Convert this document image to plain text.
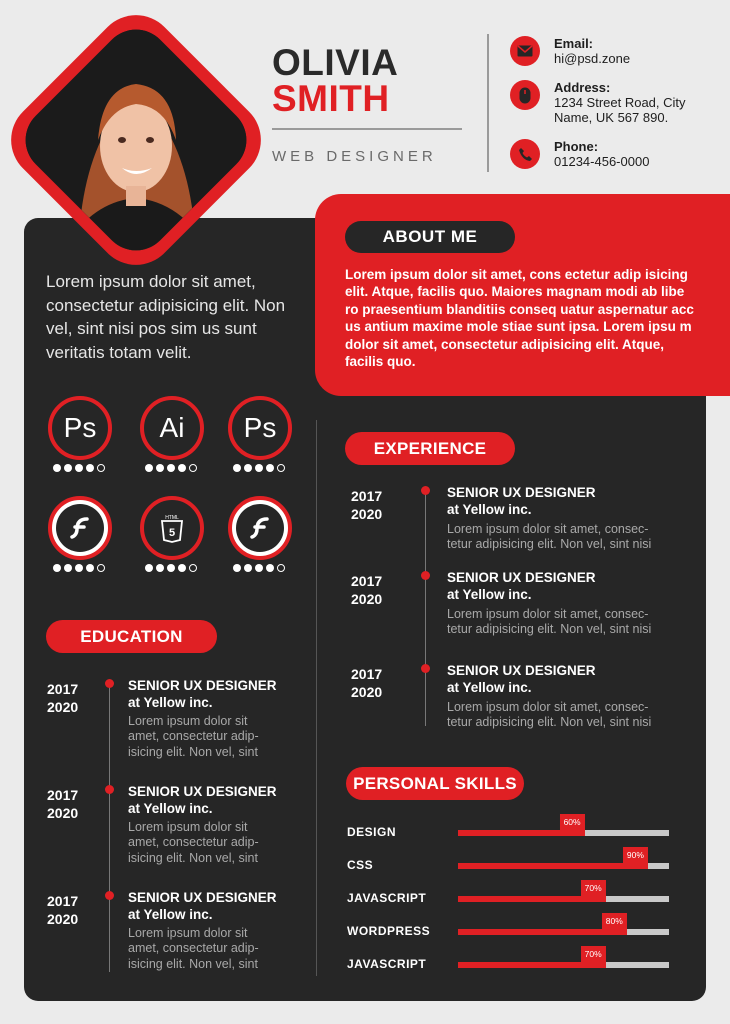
OLIVIA
SMITH
WEB DESIGNER
Email:
hi@psd.zone
Address:
1234 Street Road, City Name, UK 567 890.
Phone:
01234-456-0000
ABOUT ME
Lorem ipsum dolor sit amet, cons ectetur adip isicing elit. Atque, facilis quo. Maiores magnam modi ab libe ro praesentium blanditiis conseq uatur aspernatur acc us antium maxime mole stiae sunt ipsa. Lorem ipsu m dolor sit amet, consectetur adipisicing elit. Atque, facilis quo.
Lorem ipsum dolor sit amet, consectetur adipisicing elit. Non vel, sint nisi pos sim us sunt veritatis totam velit.
Ps Ai Ps
HTML
5
EDUCATION
2017
2020
SENIOR UX DESIGNER
at Yellow inc.
Lorem ipsum dolor sit
amet, consectetur adip-
isicing elit. Non vel, sint
2017
2020
SENIOR UX DESIGNER
at Yellow inc.
Lorem ipsum dolor sit
amet, consectetur adip-
isicing elit. Non vel, sint
2017
2020
SENIOR UX DESIGNER
at Yellow inc.
Lorem ipsum dolor sit
amet, consectetur adip-
isicing elit. Non vel, sint
EXPERIENCE
2017
2020
SENIOR UX DESIGNER
at Yellow inc.
Lorem ipsum dolor sit amet, consec-
tetur adipisicing elit. Non vel, sint nisi
2017
2020
SENIOR UX DESIGNER
at Yellow inc.
Lorem ipsum dolor sit amet, consec-
tetur adipisicing elit. Non vel, sint nisi
2017
2020
SENIOR UX DESIGNER
at Yellow inc.
Lorem ipsum dolor sit amet, consec-
tetur adipisicing elit. Non vel, sint nisi
PERSONAL SKILLS
DESIGN
60%
CSS
90%
JAVASCRIPT
70%
WORDPRESS
80%
JAVASCRIPT
70%
